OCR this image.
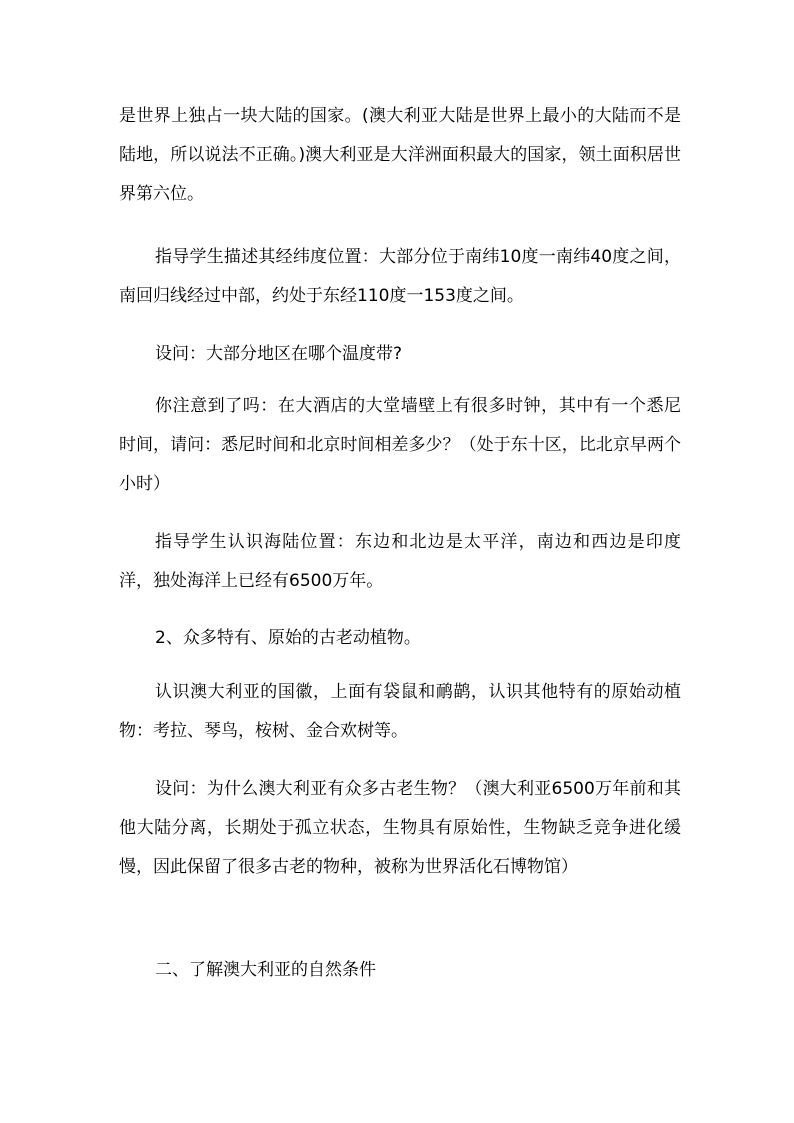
是世界上独占一块大陆的国家。(澳大利亚大陆是世界上最小的大陆而不是陆地，所以说法不正确。)澳大利亚是大洋洲面积最大的国家，领土面积居世界第六位。

指导学生描述其经纬度位置：大部分位于南纬10度一南纬40度之间，南回归线经过中部，约处于东经110度一153度之间。

设问：大部分地区在哪个温度带?

你注意到了吗：在大酒店的大堂墙壁上有很多时钟，其中有一个悉尼时间，请问：悉尼时间和北京时间相差多少？（处于东十区，比北京早两个小时）

指导学生认识海陆位置：东边和北边是太平洋，南边和西边是印度洋，独处海洋上已经有6500万年。

2、众多特有、原始的古老动植物。

认识澳大利亚的国徽，上面有袋鼠和鸸鹋，认识其他特有的原始动植物：考拉、琴鸟，桉树、金合欢树等。

设问：为什么澳大利亚有众多古老生物？（澳大利亚6500万年前和其他大陆分离，长期处于孤立状态，生物具有原始性，生物缺乏竞争进化缓慢，因此保留了很多古老的物种，被称为世界活化石博物馆）

二、了解澳大利亚的自然条件
